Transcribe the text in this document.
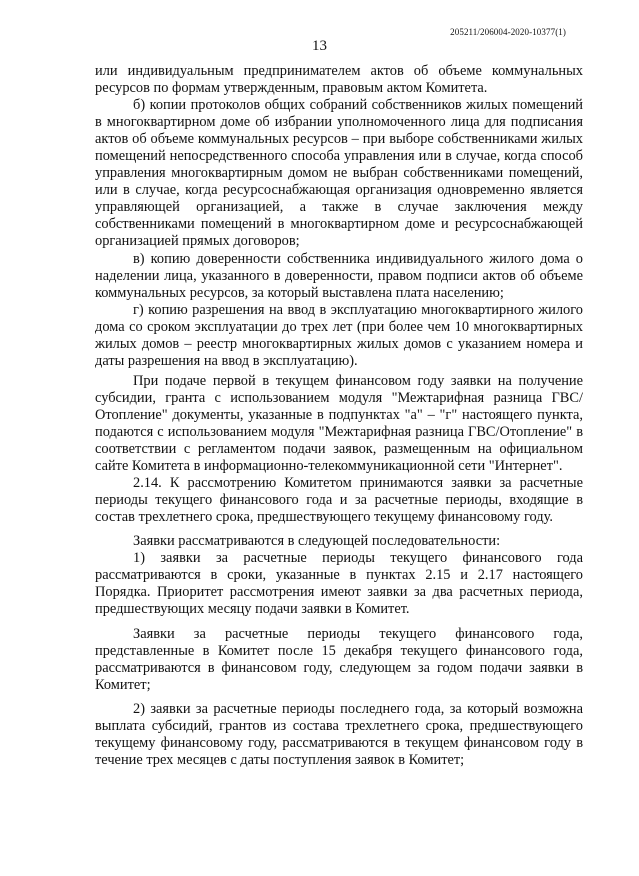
205211/206004-2020-10377(1)
13

или индивидуальным предпринимателем актов об объеме коммунальных ресурсов по формам утвержденным, правовым актом Комитета.

б) копии протоколов общих собраний собственников жилых помещений в многоквартирном доме об избрании уполномоченного лица для подписания актов об объеме коммунальных ресурсов – при выборе собственниками жилых помещений непосредственного способа управления или в случае, когда способ управления многоквартирным домом не выбран собственниками помещений, или в случае, когда ресурсоснабжающая организация одновременно является управляющей организацией, а также в случае заключения между собственниками помещений в многоквартирном доме и ресурсоснабжающей организацией прямых договоров;

в) копию доверенности собственника индивидуального жилого дома о наделении лица, указанного в доверенности, правом подписи актов об объеме коммунальных ресурсов, за который выставлена плата населению;

г) копию разрешения на ввод в эксплуатацию многоквартирного жилого дома со сроком эксплуатации до трех лет (при более чем 10 многоквартирных жилых домов – реестр многоквартирных жилых домов с указанием номера и даты разрешения на ввод в эксплуатацию).

При подаче первой в текущем финансовом году заявки на получение субсидии, гранта с использованием модуля "Межтарифная разница ГВС/Отопление" документы, указанные в подпунктах "а" – "г" настоящего пункта, подаются с использованием модуля "Межтарифная разница ГВС/Отопление" в соответствии с регламентом подачи заявок, размещенным на официальном сайте Комитета в информационно-телекоммуникационной сети "Интернет".

2.14. К рассмотрению Комитетом принимаются заявки за расчетные периоды текущего финансового года и за расчетные периоды, входящие в состав трехлетнего срока, предшествующего текущему финансовому году.

Заявки рассматриваются в следующей последовательности:

1) заявки за расчетные периоды текущего финансового года рассматриваются в сроки, указанные в пунктах 2.15 и 2.17 настоящего Порядка. Приоритет рассмотрения имеют заявки за два расчетных периода, предшествующих месяцу подачи заявки в Комитет.

Заявки за расчетные периоды текущего финансового года, представленные в Комитет после 15 декабря текущего финансового года, рассматриваются в финансовом году, следующем за годом подачи заявки в Комитет;

2) заявки за расчетные периоды последнего года, за который возможна выплата субсидий, грантов из состава трехлетнего срока, предшествующего текущему финансовому году, рассматриваются в текущем финансовом году в течение трех месяцев с даты поступления заявок в Комитет;
